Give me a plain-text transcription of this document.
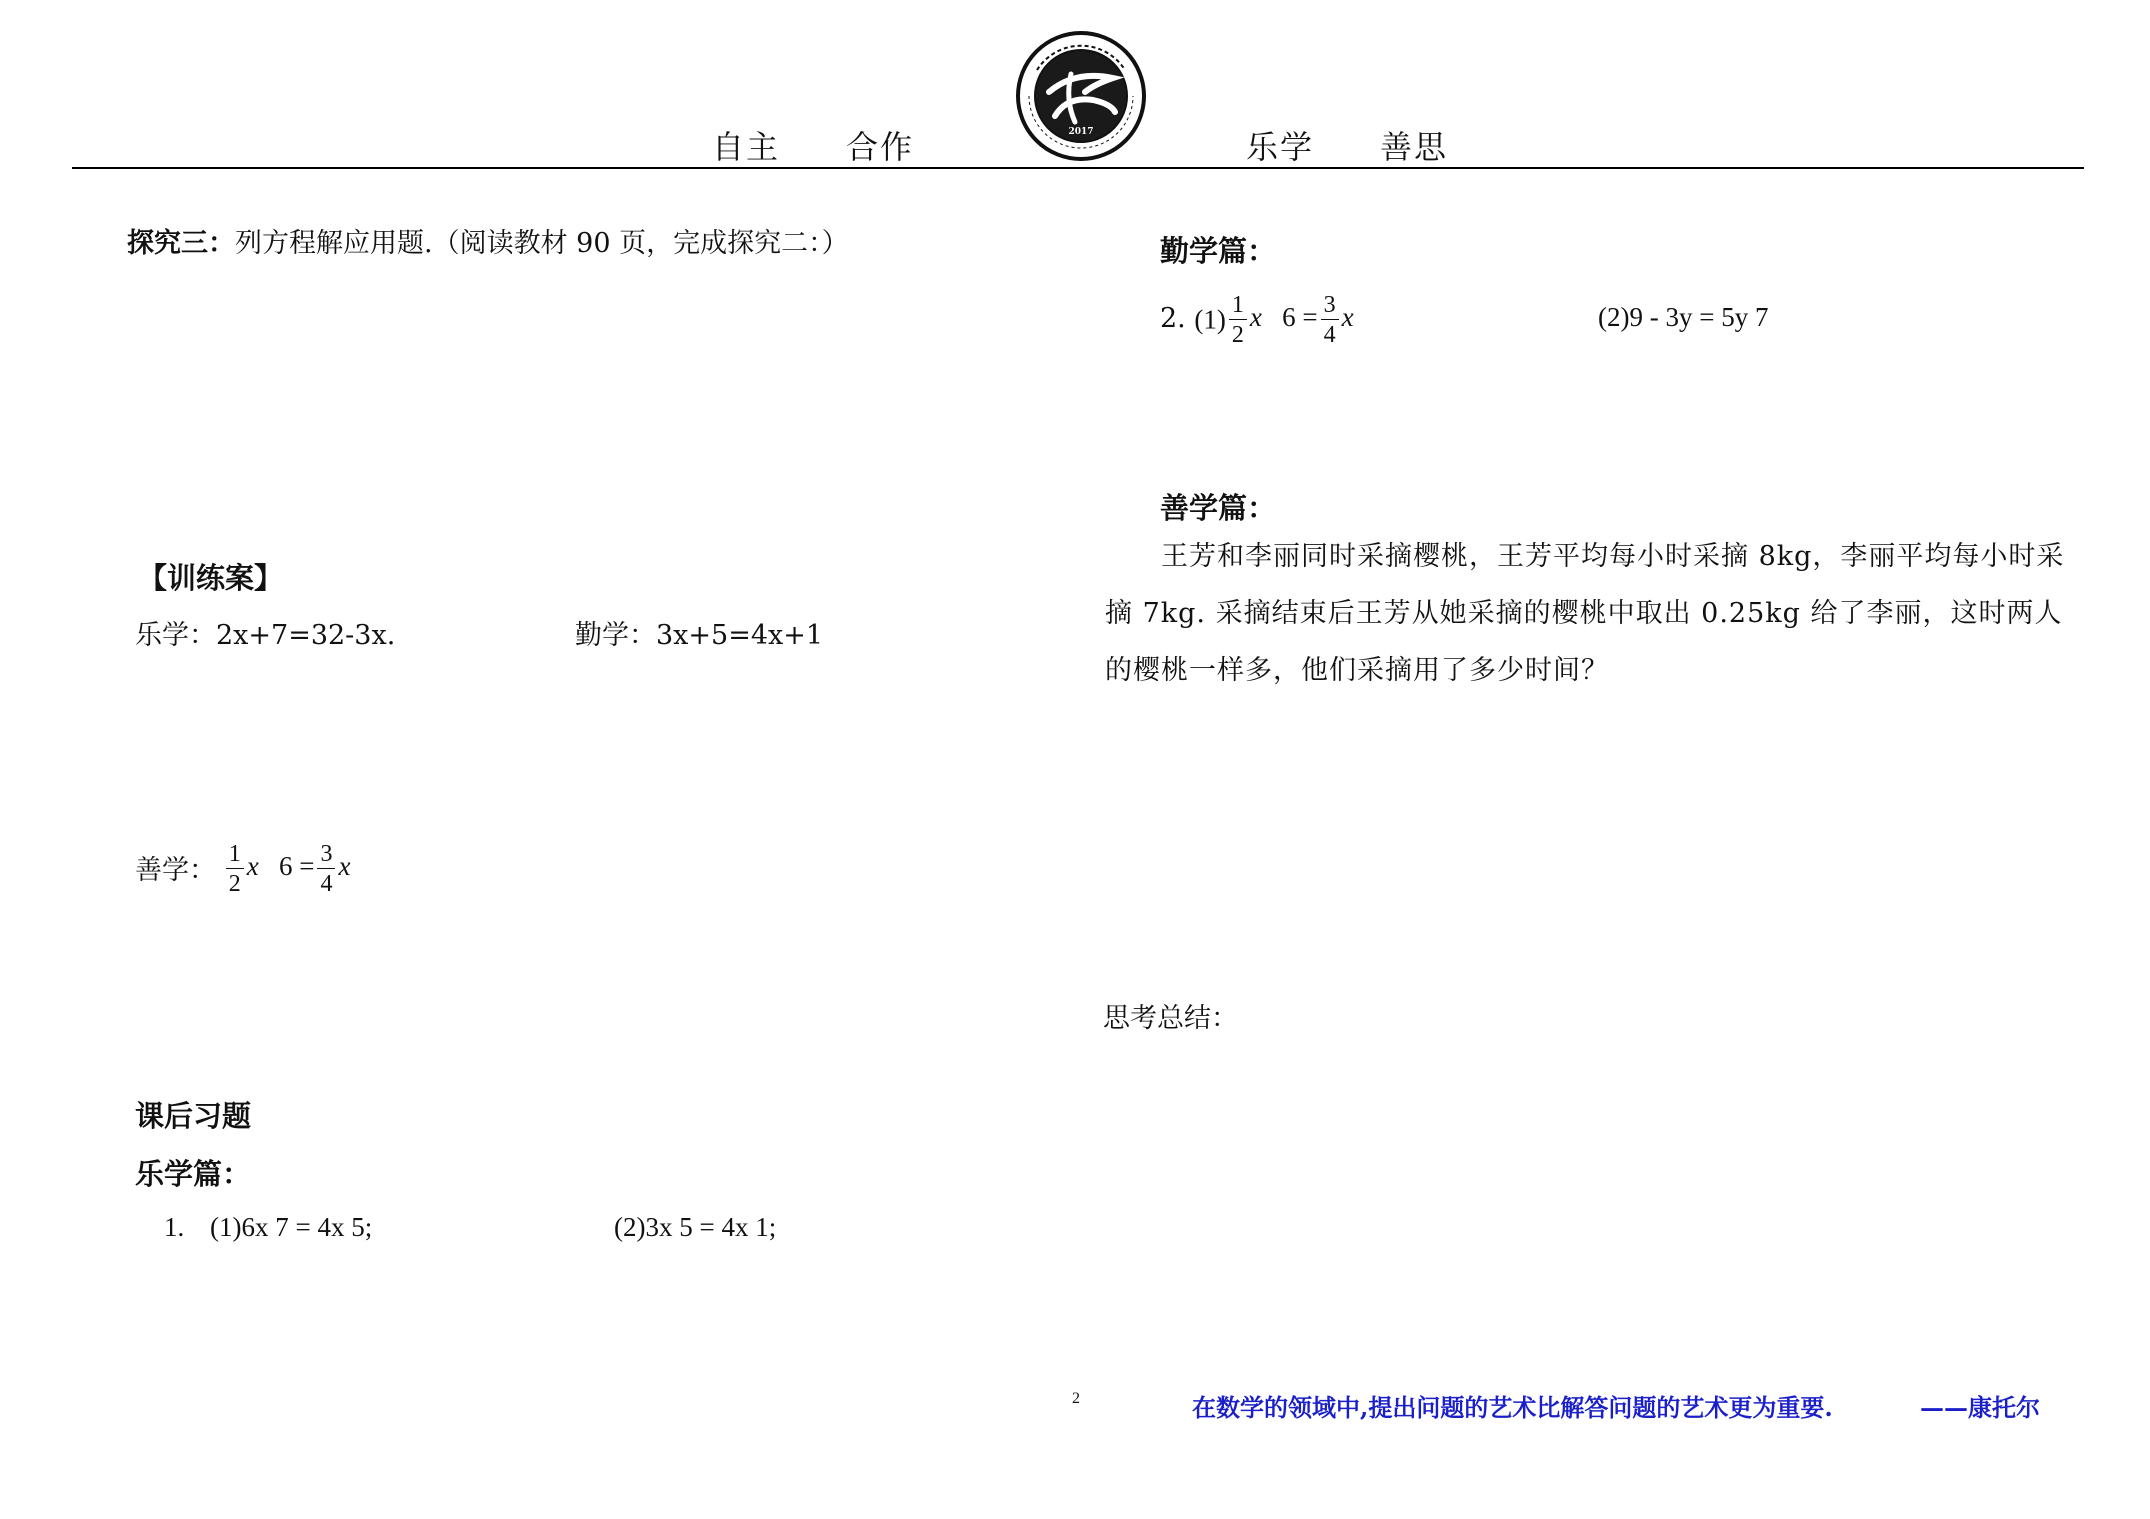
自主 合作	乐学 善思
2017
探究三：列方程解应用题.（阅读教材 90 页，完成探究二：）
【训练案】
乐学：2x+7=32-3x.	勤学：3x+5=4x+1
善学： $\frac{1}{2}$ x $6 = \frac{3}{4}$ x
课后习题
乐学篇：
1. (1)6x 7 = 4x 5;	(2)3x 5 = 4x 1;
勤学篇：
2. $(1) \frac{1}{2}$ x $6 = \frac{3}{4}$ x	(2)9 - 3y = 5y 7
善学篇：
王芳和李丽同时采摘樱桃，王芳平均每小时采摘 8kg，李丽平均每小时采摘 7kg. 采摘结束后王芳从她采摘的樱桃中取出 0.25kg 给了李丽，这时两人的樱桃一样多，他们采摘用了多少时间？
思考总结：
2	在数学的领域中,提出问题的艺术比解答问题的艺术更为重要.	——康托尔
